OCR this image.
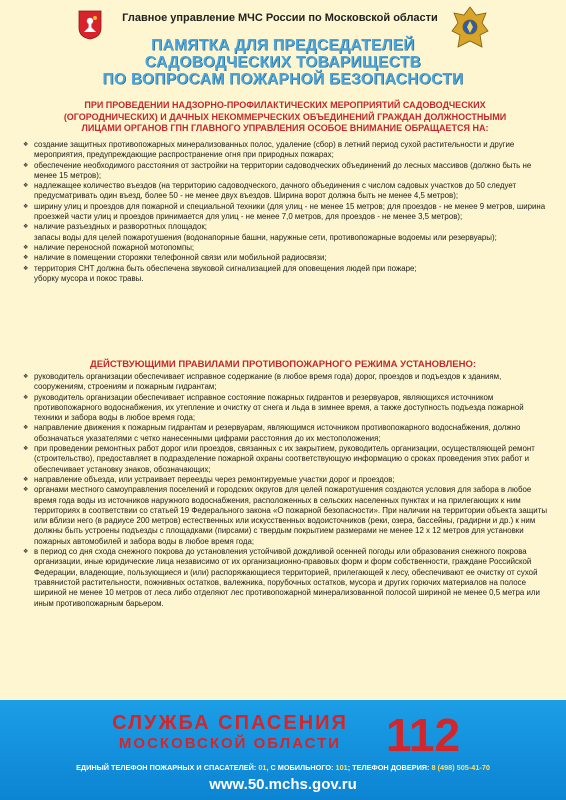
Главное управление МЧС России по Московской области
ПАМЯТКА ДЛЯ ПРЕДСЕДАТЕЛЕЙ
САДОВОДЧЕСКИХ ТОВАРИЩЕСТВ
ПО ВОПРОСАМ ПОЖАРНОЙ БЕЗОПАСНОСТИ
ПРИ ПРОВЕДЕНИИ НАДЗОРНО-ПРОФИЛАКТИЧЕСКИХ МЕРОПРИЯТИЙ САДОВОДЧЕСКИХ
(ОГОРОДНИЧЕСКИХ) И ДАЧНЫХ НЕКОММЕРЧЕСКИХ ОБЪЕДИНЕНИЙ ГРАЖДАН ДОЛЖНОСТНЫМИ
ЛИЦАМИ ОРГАНОВ ГПН ГЛАВНОГО УПРАВЛЕНИЯ ОСОБОЕ ВНИМАНИЕ ОБРАЩАЕТСЯ НА:
❖ создание защитных противопожарных минерализованных полос, удаление (сбор) в летний период сухой растительности и другие мероприятия, предупреждающие распространение огня при природных пожарах;
❖ обеспечение необходимого расстояния от застройки на территории садоводческих объединений до лесных массивов (должно быть не менее 15 метров);
❖ надлежащее количество въездов (на территорию садоводческого, дачного объединения с числом садовых участков до 50 следует предусматривать один въезд, более 50 - не менее двух въездов. Ширина ворот должна быть не менее 4,5 метров);
❖ ширину улиц и проездов для пожарной и специальной техники (для улиц - не менее 15 метров; для проездов - не менее 9 метров, ширина проезжей части улиц и проездов принимается для улиц - не менее 7,0 метров, для проездов - не менее 3,5 метров);
❖ наличие разъездных и разворотных площадок;
запасы воды для целей пожаротушения (водонапорные башни, наружные сети, противопожарные водоемы или резервуары);
❖ наличие переносной пожарной мотопомпы;
❖ наличие в помещении сторожки телефонной связи или мобильной радиосвязи;
❖ территория СНТ должна быть обеспечена звуковой сигнализацией для оповещения людей при пожаре;
уборку мусора и покос травы.
ДЕЙСТВУЮЩИМИ ПРАВИЛАМИ ПРОТИВОПОЖАРНОГО РЕЖИМА УСТАНОВЛЕНО:
❖ руководитель организации обеспечивает исправное содержание (в любое время года) дорог, проездов и подъездов к зданиям, сооружениям, строениям и пожарным гидрантам;
❖ руководитель организации обеспечивает исправное состояние пожарных гидрантов и резервуаров, являющихся источником противопожарного водоснабжения, их утепление и очистку от снега и льда в зимнее время, а также доступность подъезда пожарной техники и забора воды в любое время года;
❖ направление движения к пожарным гидрантам и резервуарам, являющимся источником противопожарного водоснабжения, должно обозначаться указателями с четко нанесенными цифрами расстояния до их местоположения;
❖ при проведении ремонтных работ дорог или проездов, связанных с их закрытием, руководитель организации, осуществляющей ремонт (строительство), предоставляет в подразделение пожарной охраны соответствующую информацию о сроках проведения этих работ и обеспечивает установку знаков, обозначающих;
❖ направление объезда, или устраивает переезды через ремонтируемые участки дорог и проездов;
❖ органами местного самоуправления поселений и городских округов для целей пожаротушения создаются условия для забора в любое время года воды из источников наружного водоснабжения, расположенных в сельских населенных пунктах и на прилегающих к ним территориях в соответствии со статьей 19 Федерального закона «О пожарной безопасности». При наличии на территории объекта защиты или вблизи него (в радиусе 200 метров) естественных или искусственных водоисточников (реки, озера, бассейны, градирни и др.) к ним должны быть устроены подъезды с площадками (пирсами) с твердым покрытием размерами не менее 12 х 12 метров для установки пожарных автомобилей и забора воды в любое время года;
❖ в период со дня схода снежного покрова до установления устойчивой дождливой осенней погоды или образования снежного покрова организации, иные юридические лица независимо от их организационно-правовых форм и форм собственности, граждане Российской Федерации, владеющие, пользующиеся и (или) распоряжающиеся территорией, прилегающей к лесу, обеспечивают ее очистку от сухой травянистой растительности, пожнивных остатков, валежника, порубочных остатков, мусора и других горючих материалов на полосе шириной не менее 10 метров от леса либо отделяют лес противопожарной минерализованной полосой шириной не менее 0,5 метра или иным противопожарным барьером.
СЛУЖБА СПАСЕНИЯ
МОСКОВСКОЙ ОБЛАСТИ 112
ЕДИНЫЙ ТЕЛЕФОН ПОЖАРНЫХ И СПАСАТЕЛЕЙ: 01, С МОБИЛЬНОГО: 101; ТЕЛЕФОН ДОВЕРИЯ: 8 (498) 505-41-70
www.50.mchs.gov.ru
